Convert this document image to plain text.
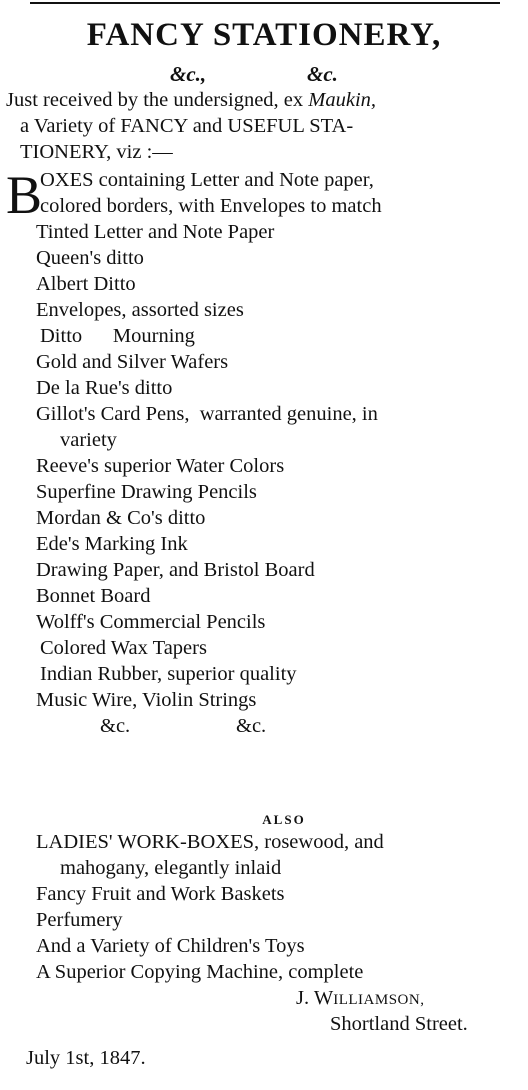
FANCY STATIONERY,
&c.,	&c.
Just received by the undersigned, ex Maukin,
a Variety of FANCY and USEFUL STA-
TIONERY, viz :—
B
OXES containing Letter and Note paper,
colored borders, with Envelopes to match
Tinted Letter and Note Paper
Queen's ditto
Albert Ditto
Envelopes, assorted sizes
Ditto      Mourning
Gold and Silver Wafers
De la Rue's ditto
Gillot's Card Pens,  warranted genuine, in
variety
Reeve's superior Water Colors
Superfine Drawing Pencils
Mordan & Co's ditto
Ede's Marking Ink
Drawing Paper, and Bristol Board
Bonnet Board
Wolff's Commercial Pencils
Colored Wax Tapers
Indian Rubber, superior quality
Music Wire, Violin Strings
&c.	&c.
ALSO
LADIES' WORK-BOXES, rosewood, and
mahogany, elegantly inlaid
Fancy Fruit and Work Baskets
Perfumery
And a Variety of Children's Toys
A Superior Copying Machine, complete
J. WILLIAMSON,
Shortland Street.
July 1st, 1847.
